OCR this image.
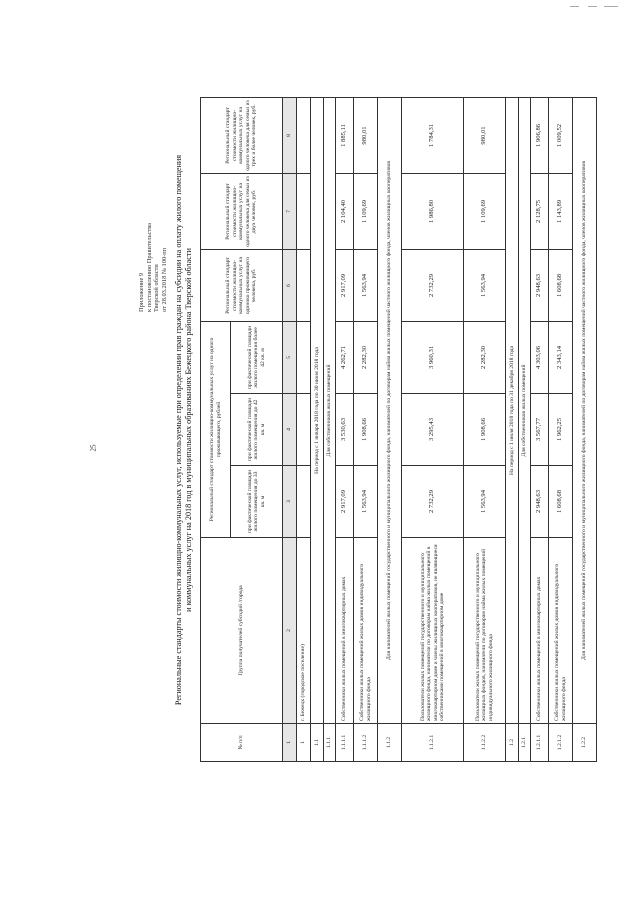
25
Приложение 9 к постановлению Правительства Тверской области от 28.03.2018 № 100-пп Региональные стандарты стоимости жилищно-коммунальных услуг, используемые при определении прав граждан на субсидии на оплату жилого помещения и коммунальных услуг на 2018 год в муниципальных образованиях Бежецкого района Тверской области
№ п/п	Группа получателей субсидий /города	Региональный стандарт стоимости жилищно-коммунальных услуг на одного проживающего, рублей			Региональный стандарт стоимости жилищно-коммунальных услуг на одиноко проживающего человека, руб.	Региональный стандарт стоимости жилищно-коммунальных услуг на одного человека для семьи из двух человек, руб.	Региональный стандарт стоимости жилищно-коммунальных услуг на одного человека для семьи из трех и более человек, руб.
		при фактической площади жилого помещения до 33 кв. м	при фактической площади жилого помещения до 42 кв. м	при фактической площади жилого помещения более 42 кв. м			
1	2	3	4	5	6	7	8
1	г. Бежецк (городское поселение)						
1.1	На период с 1 января 2018 года по 30 июня 2018 года						
1.1.1	Для собственников жилых помещений						
1.1.1.1	Собственники жилых помещений в многоквартирных домах	2 917,09	3 530,63	4 262,71	2 917,09	2 104,40	1 885,11
1.1.1.2	Собственники жилых помещений жилых домов индивидуального жилищного фонда	1 563,94	1 908,66	2 282,30	1 563,94	1 109,69	980,01
1.1.2	Для нанимателей жилых помещений государственного и муниципального жилищного фонда, нанимателей по договорам найма жилых помещений частного жилищного фонда, членов жилищных кооперативов						
1.1.2.1	Пользователи жилых помещений государственного и муниципального жилищного фонда, наниматели по договорам найма жилых помещений в многоквартирном доме и члены жилищных кооперативов, не являющиеся собственниками помещений в многоквартирном доме	2 732,29	3 295,43	3 960,31	2 732,29	1 986,80	1 784,31
1.1.2.2	Пользователи жилых помещений государственного и муниципального жилищных фондов, наниматели по договорам найма жилых помещений индивидуального жилищного фонда	1 563,94	1 908,66	2 282,30	1 563,94	1 109,69	980,01
1.2	На период с 1 июля 2018 года по 31 декабря 2018 года						
1.2.1	Для собственников жилых помещений						
1.2.1.1	Собственники жилых помещений в многоквартирных домах	2 948,63	3 567,77	4 303,06	2 948,63	2 128,75	1 906,86
1.2.1.2	Собственники жилых помещений жилых домов индивидуального жилищного фонда	1 608,68	1 962,25	2 343,14	1 608,68	1 143,89	1 009,52
1.2.2	Для нанимателей жилых помещений государственного и муниципального жилищного фонда, нанимателей по договорам найма жилых помещений частного жилищного фонда, членов жилищных кооперативов						
